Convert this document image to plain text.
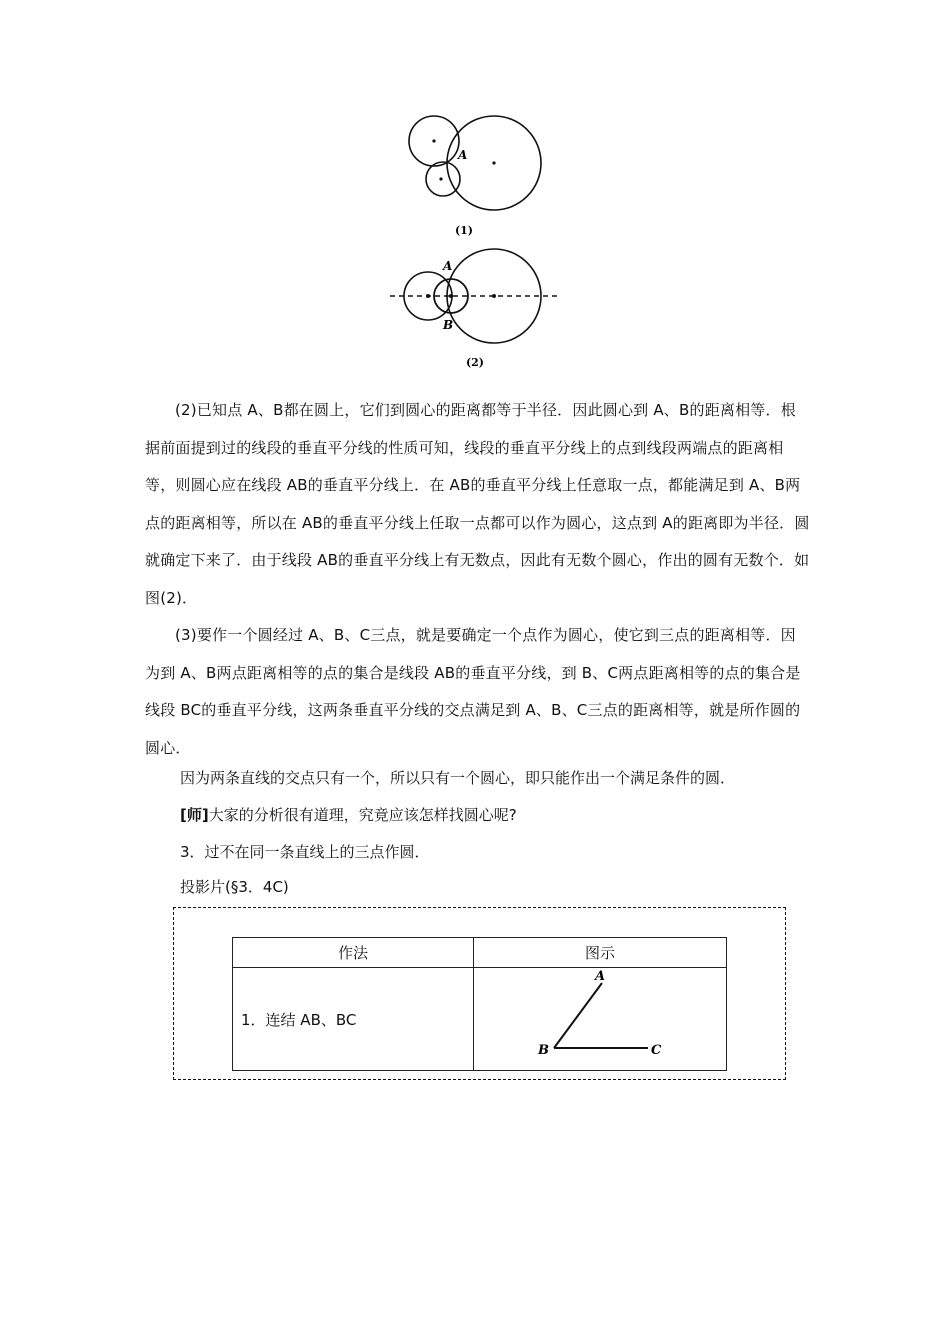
A
(1)
A
B
(2)

(2)已知点 A、B都在圆上，它们到圆心的距离都等于半径．因此圆心到 A、B的距离相等．根据前面提到过的线段的垂直平分线的性质可知，线段的垂直平分线上的点到线段两端点的距离相等，则圆心应在线段 AB的垂直平分线上．在 AB的垂直平分线上任意取一点，都能满足到 A、B两点的距离相等，所以在 AB的垂直平分线上任取一点都可以作为圆心，这点到 A的距离即为半径．圆就确定下来了．由于线段 AB的垂直平分线上有无数点，因此有无数个圆心，作出的圆有无数个．如图(2)．

(3)要作一个圆经过 A、B、C三点，就是要确定一个点作为圆心，使它到三点的距离相等．因为到 A、B两点距离相等的点的集合是线段 AB的垂直平分线，到 B、C两点距离相等的点的集合是线段 BC的垂直平分线，这两条垂直平分线的交点满足到 A、B、C三点的距离相等，就是所作圆的圆心．

因为两条直线的交点只有一个，所以只有一个圆心，即只能作出一个满足条件的圆．

[师]大家的分析很有道理，究竟应该怎样找圆心呢?

3．过不在同一条直线上的三点作圆．

投影片(§3．4C)

作法	图示
1．连结 AB、BC	A
B C
